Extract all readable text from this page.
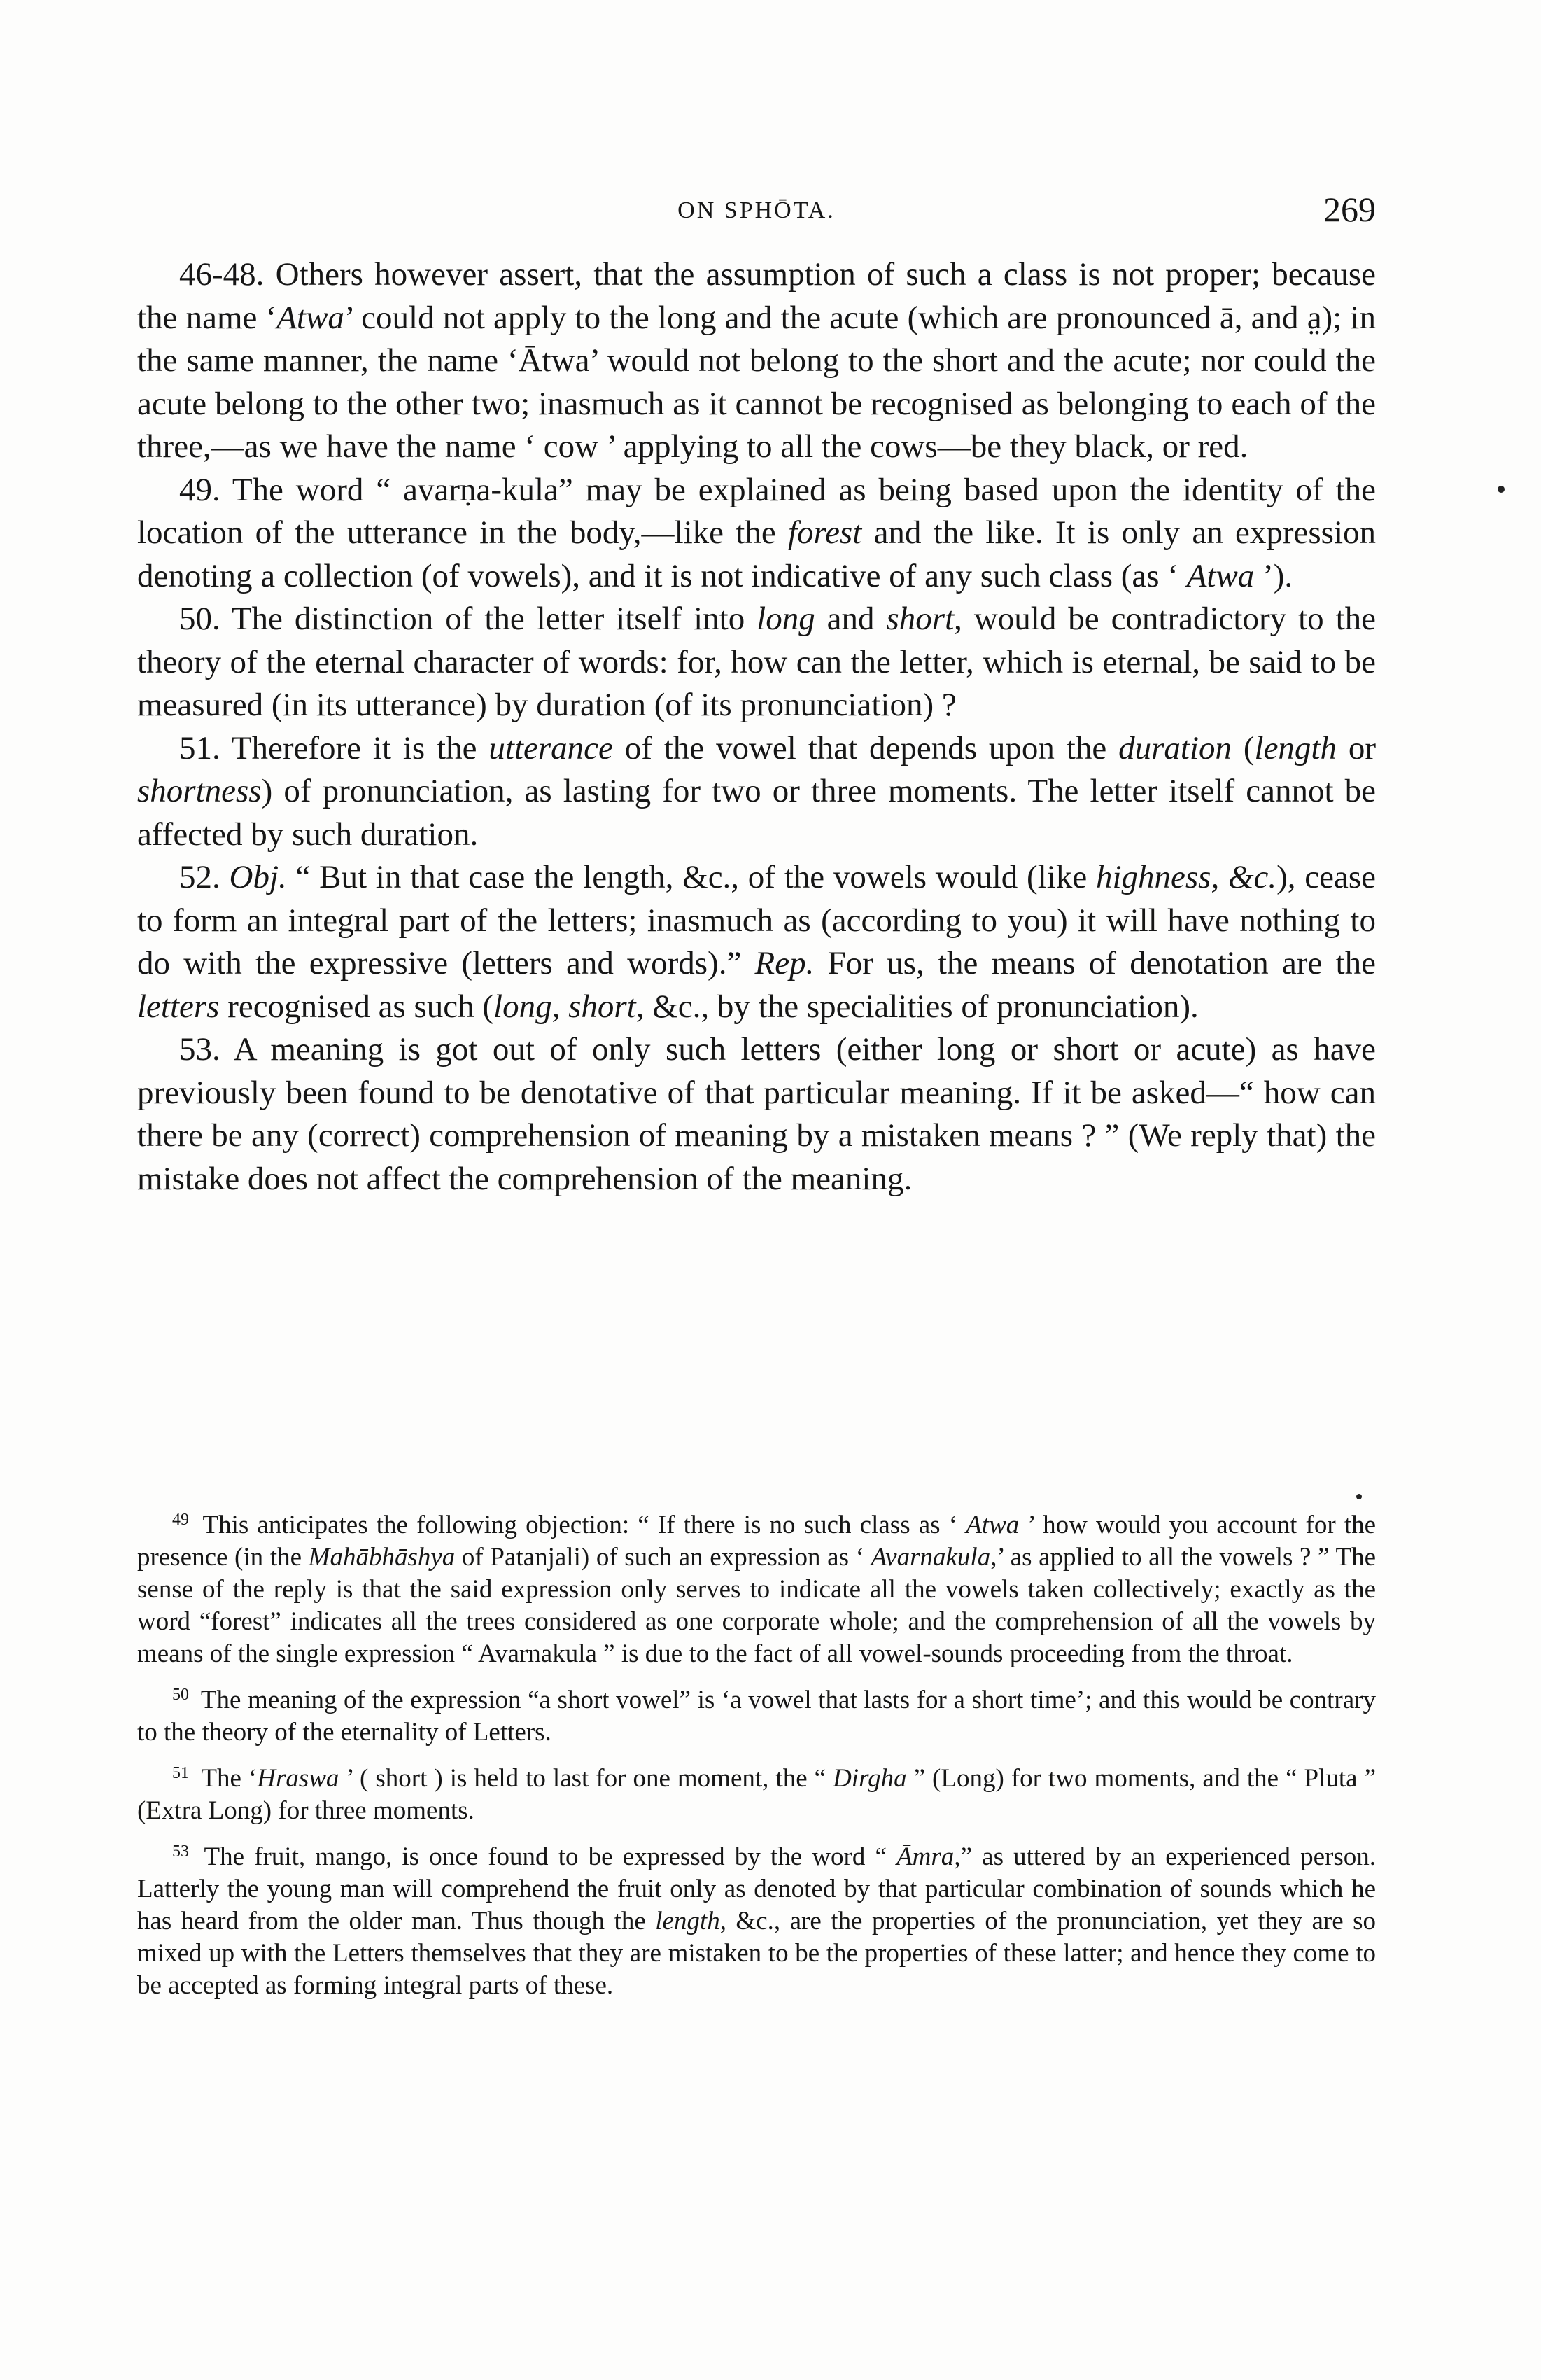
ON SPHŌTA.	269

46-48. Others however assert, that the assumption of such a class is not proper; because the name ‘Atwa’ could not apply to the long and the acute (which are pronounced ā, and a̤); in the same manner, the name ‘Ātwa’ would not belong to the short and the acute; nor could the acute belong to the other two; inasmuch as it cannot be recognised as belonging to each of the three,—as we have the name ‘ cow ’ applying to all the cows—be they black, or red.

49. The word “ avarṇa-kula” may be explained as being based upon the identity of the location of the utterance in the body,—like the forest and the like. It is only an expression denoting a collection (of vowels), and it is not indicative of any such class (as ‘ Atwa ’).

50. The distinction of the letter itself into long and short, would be contradictory to the theory of the eternal character of words: for, how can the letter, which is eternal, be said to be measured (in its utterance) by duration (of its pronunciation) ?

51. Therefore it is the utterance of the vowel that depends upon the duration (length or shortness) of pronunciation, as lasting for two or three moments. The letter itself cannot be affected by such duration.

52. Obj. “ But in that case the length, &c., of the vowels would (like highness, &c.), cease to form an integral part of the letters; inasmuch as (according to you) it will have nothing to do with the expressive (letters and words).” Rep. For us, the means of denotation are the letters recognised as such (long, short, &c., by the specialities of pronunciation).

53. A meaning is got out of only such letters (either long or short or acute) as have previously been found to be denotative of that particular meaning. If it be asked—“ how can there be any (correct) comprehension of meaning by a mistaken means ? ” (We reply that) the mistake does not affect the comprehension of the meaning.

$^{49}$ This anticipates the following objection: “ If there is no such class as ‘ Atwa ’ how would you account for the presence (in the Mahābhāshya of Patanjali) of such an expression as ‘ Avarnakula,’ as applied to all the vowels ? ” The sense of the reply is that the said expression only serves to indicate all the vowels taken collectively; exactly as the word “forest” indicates all the trees considered as one corporate whole; and the comprehension of all the vowels by means of the single expression “ Avarnakula ” is due to the fact of all vowel-sounds proceeding from the throat.

$^{50}$ The meaning of the expression “a short vowel” is ‘a vowel that lasts for a short time’; and this would be contrary to the theory of the eternality of Letters.

$^{51}$ The ‘Hraswa ’ ( short ) is held to last for one moment, the “ Dirgha ” (Long) for two moments, and the “ Pluta ” (Extra Long) for three moments.

$^{53}$ The fruit, mango, is once found to be expressed by the word “ Āmra,” as uttered by an experienced person. Latterly the young man will comprehend the fruit only as denoted by that particular combination of sounds which he has heard from the older man. Thus though the length, &c., are the properties of the pronunciation, yet they are so mixed up with the Letters themselves that they are mistaken to be the properties of these latter; and hence they come to be accepted as forming integral parts of these.
